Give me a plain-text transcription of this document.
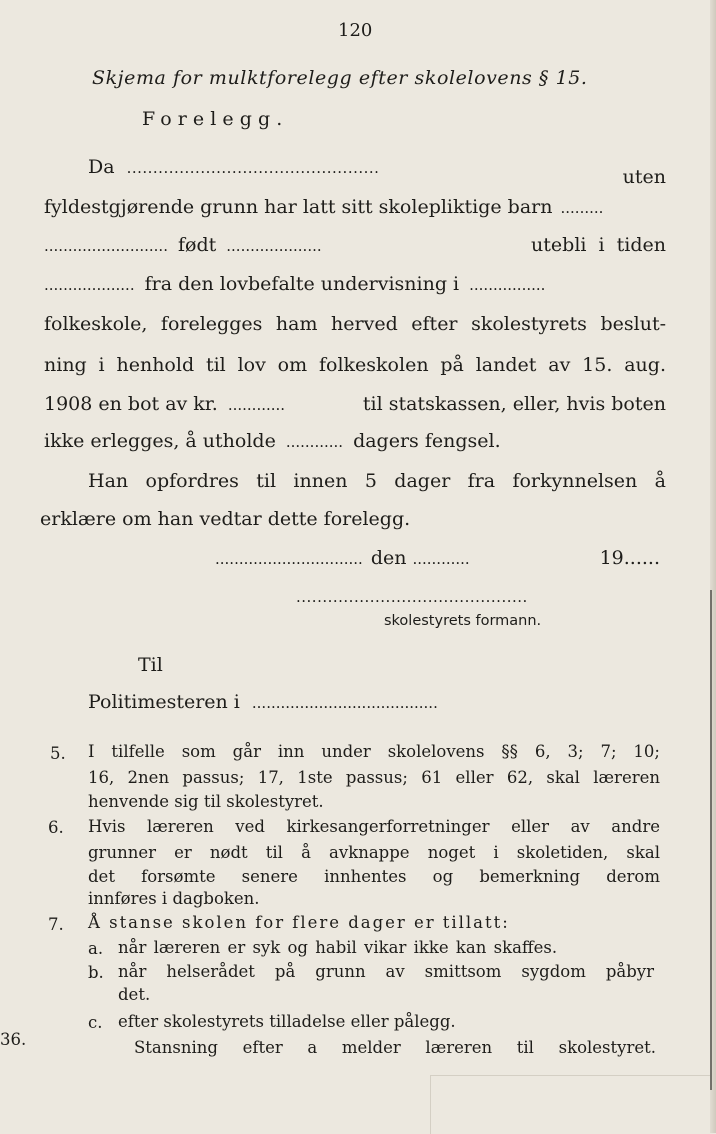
120
Skjema for mulktforelegg efter skolelovens § 15.
Forelegg.
Da ................................................	uten
fyldestgjørende grunn har latt sitt skolepliktige barn .........
.......................... født ....................	utebli i tiden
................... fra den lovbefalte undervisning i ................
folkeskole, forelegges ham herved efter skolestyrets beslut-
ning i henhold til lov om folkeskolen på landet av 15. aug.
1908 en bot av kr. ............	til statskassen, eller, hvis boten
ikke erlegges, å utholde ............ dagers fengsel.
Han opfordres til innen 5 dager fra forkynnelsen å
erklære om han vedtar dette forelegg.
............................... den ............	19......
............................................
skolestyrets formann.
Til
Politimesteren i .......................................
5. I tilfelle som går inn under skolelovens §§ 6, 3; 7; 10;
16, 2nen passus; 17, 1ste passus; 61 eller 62, skal læreren
henvende sig til skolestyret.
6. Hvis læreren ved kirkesangerforretninger eller av andre
grunner er nødt til å avknappe noget i skoletiden, skal
det forsømte senere innhentes og bemerkning derom
innføres i dagboken.
7. Å stanse skolen for flere dager er tillatt:
a. når læreren er syk og habil vikar ikke kan skaffes.
b. når helserådet på grunn av smittsom sygdom påbyr
det.
c. efter skolestyrets tilladelse eller pålegg.
Stansning efter a melder læreren til skolestyret.
36.
